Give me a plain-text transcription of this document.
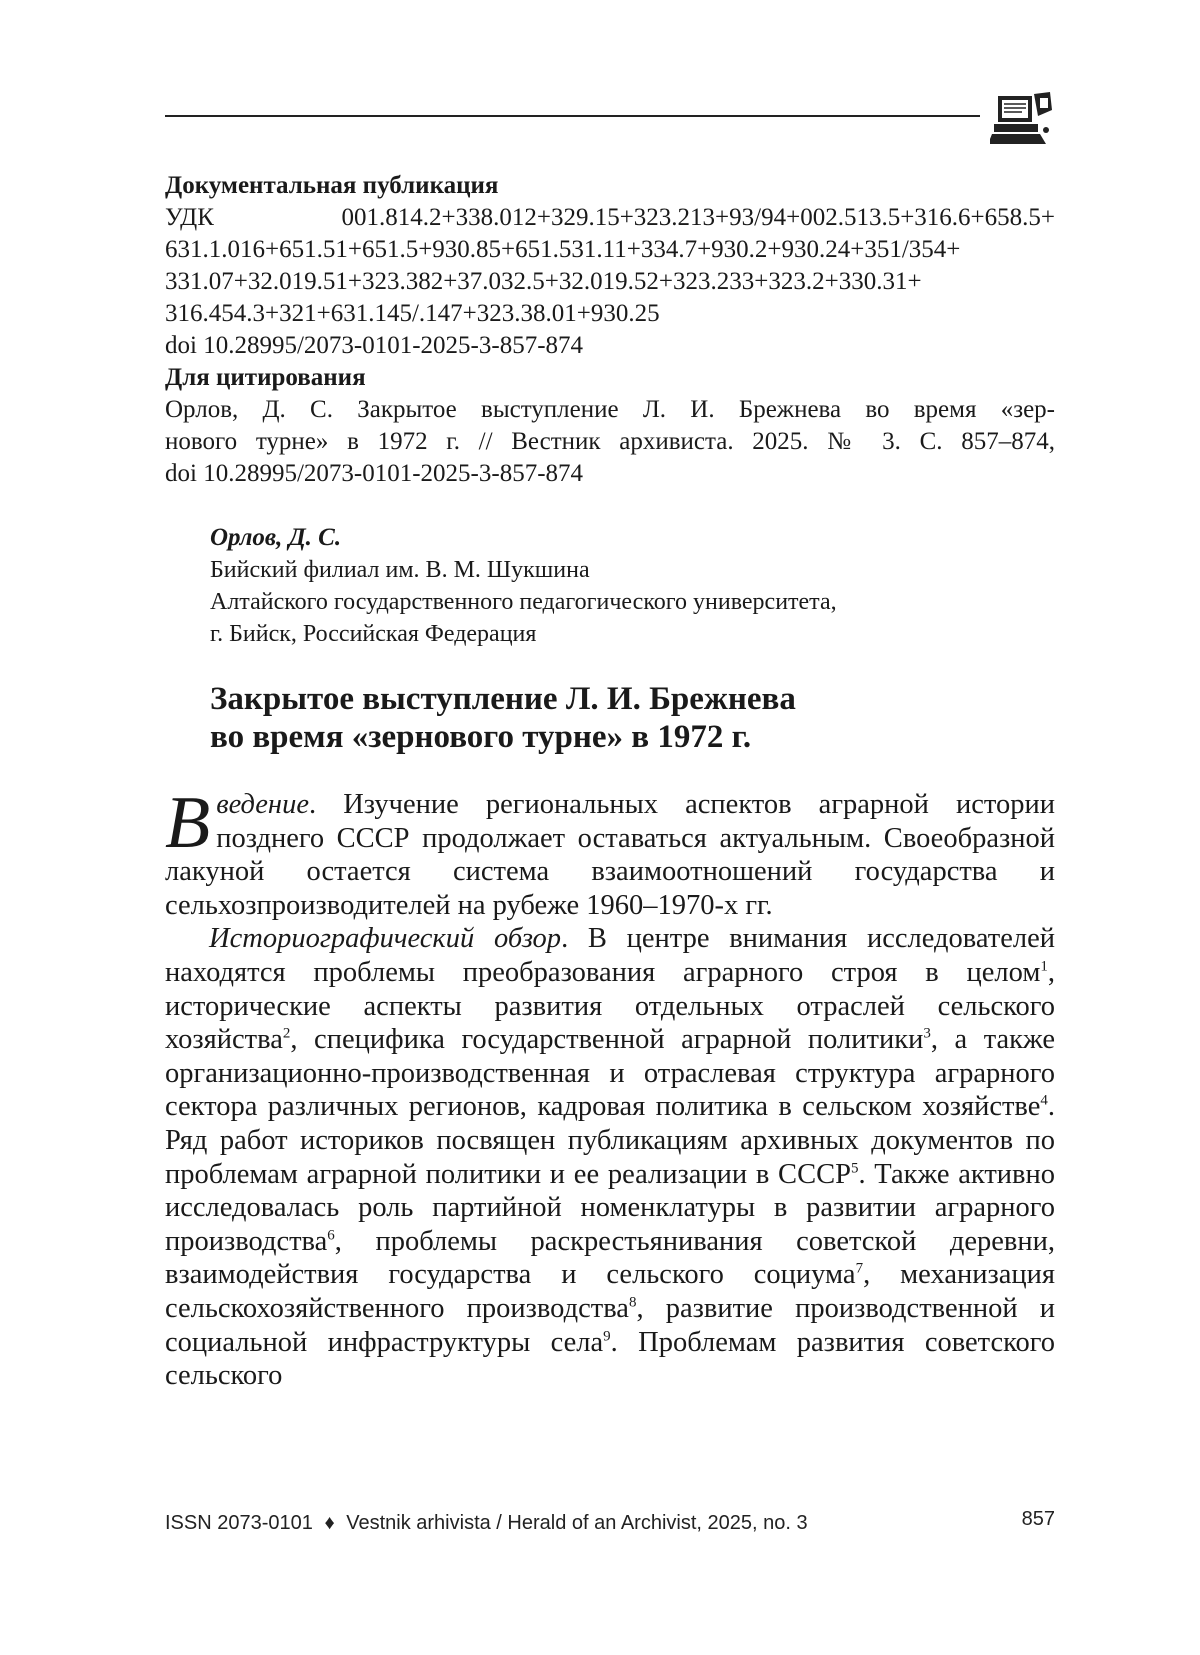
Документальная публикация
УДК 001.814.2+338.012+329.15+323.213+93/94+002.513.5+316.6+658.5+
631.1.016+651.51+651.5+930.85+651.531.11+334.7+930.2+930.24+351/354+
331.07+32.019.51+323.382+37.032.5+32.019.52+323.233+323.2+330.31+
316.454.3+321+631.145/.147+323.38.01+930.25
doi 10.28995/2073-0101-2025-3-857-874
Для цитирования
Орлов, Д. С. Закрытое выступление Л. И. Брежнева во время «зер-
нового турне» в 1972 г. // Вестник архивиста. 2025. № 3. С. 857–874,
doi 10.28995/2073-0101-2025-3-857-874
Орлов, Д. С.
Бийский филиал им. В. М. Шукшина
Алтайского государственного педагогического университета,
г. Бийск, Российская Федерация
Закрытое выступление Л. И. Брежнева
во время «зернового турне» в 1972 г.

Введение. Изучение региональных аспектов аграрной истории позднего СССР продолжает оставаться актуальным. Своеобразной лакуной остается система взаимоотношений государства и сельхозпроизводителей на рубеже 1960–1970-х гг.

Историографический обзор. В центре внимания исследователей находятся проблемы преобразования аграрного строя в целом$^1$, исторические аспекты развития отдельных отраслей сельского хозяйства$^2$, специфика государственной аграрной политики$^3$, а также организационно-производственная и отраслевая структура аграрного сектора различных регионов, кадровая политика в сельском хозяйстве$^4$. Ряд работ историков посвящен публикациям архивных документов по проблемам аграрной политики и ее реализации в СССР$^5$. Также активно исследовалась роль партийной номенклатуры в развитии аграрного производства$^6$, проблемы раскрестьянивания советской деревни, взаимодействия государства и сельского социума$^7$, механизация сельскохозяйственного производства$^8$, развитие производственной и социальной инфраструктуры села$^9$. Проблемам развития советского сельского

ISSN 2073-0101 ♦ Vestnik arhivista / Herald of an Archivist, 2025, no. 3	857
